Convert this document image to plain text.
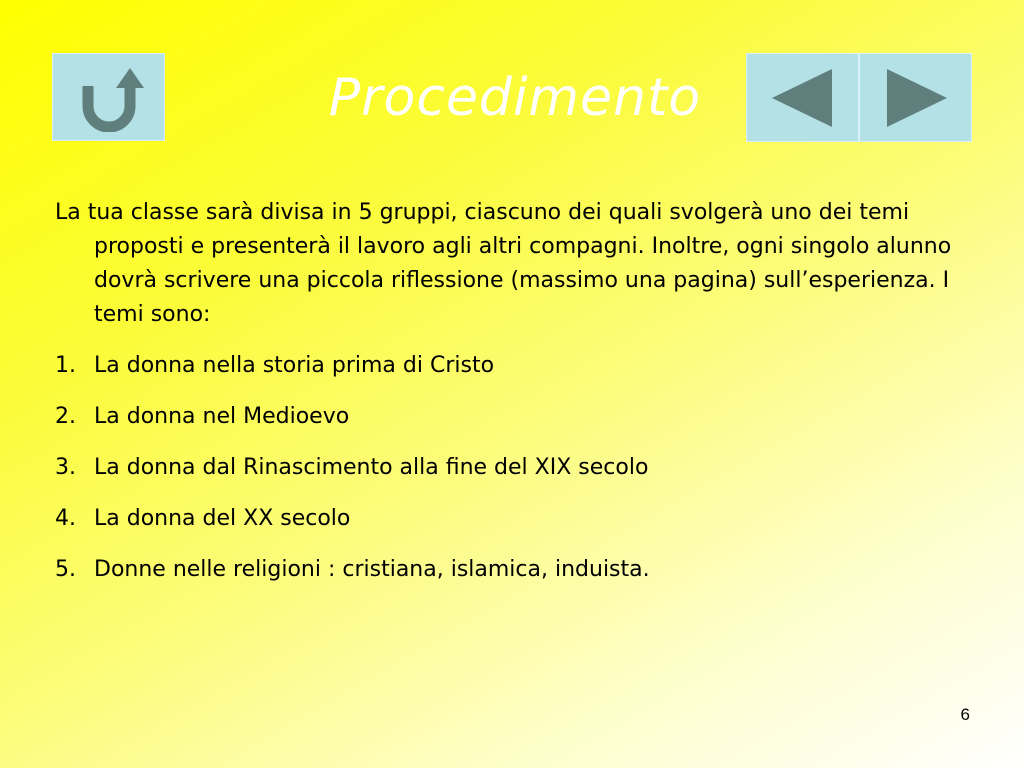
Procedimento

La tua classe sarà divisa in 5 gruppi, ciascuno dei quali svolgerà uno dei temi proposti e presenterà il lavoro agli altri compagni. Inoltre, ogni singolo alunno dovrà scrivere una piccola riflessione (massimo una pagina) sull’esperienza. I temi sono:

1. La donna nella storia prima di Cristo
2. La donna nel Medioevo
3. La donna dal Rinascimento alla fine del XIX secolo
4. La donna del XX secolo
5. Donne nelle religioni : cristiana, islamica, induista.
6
